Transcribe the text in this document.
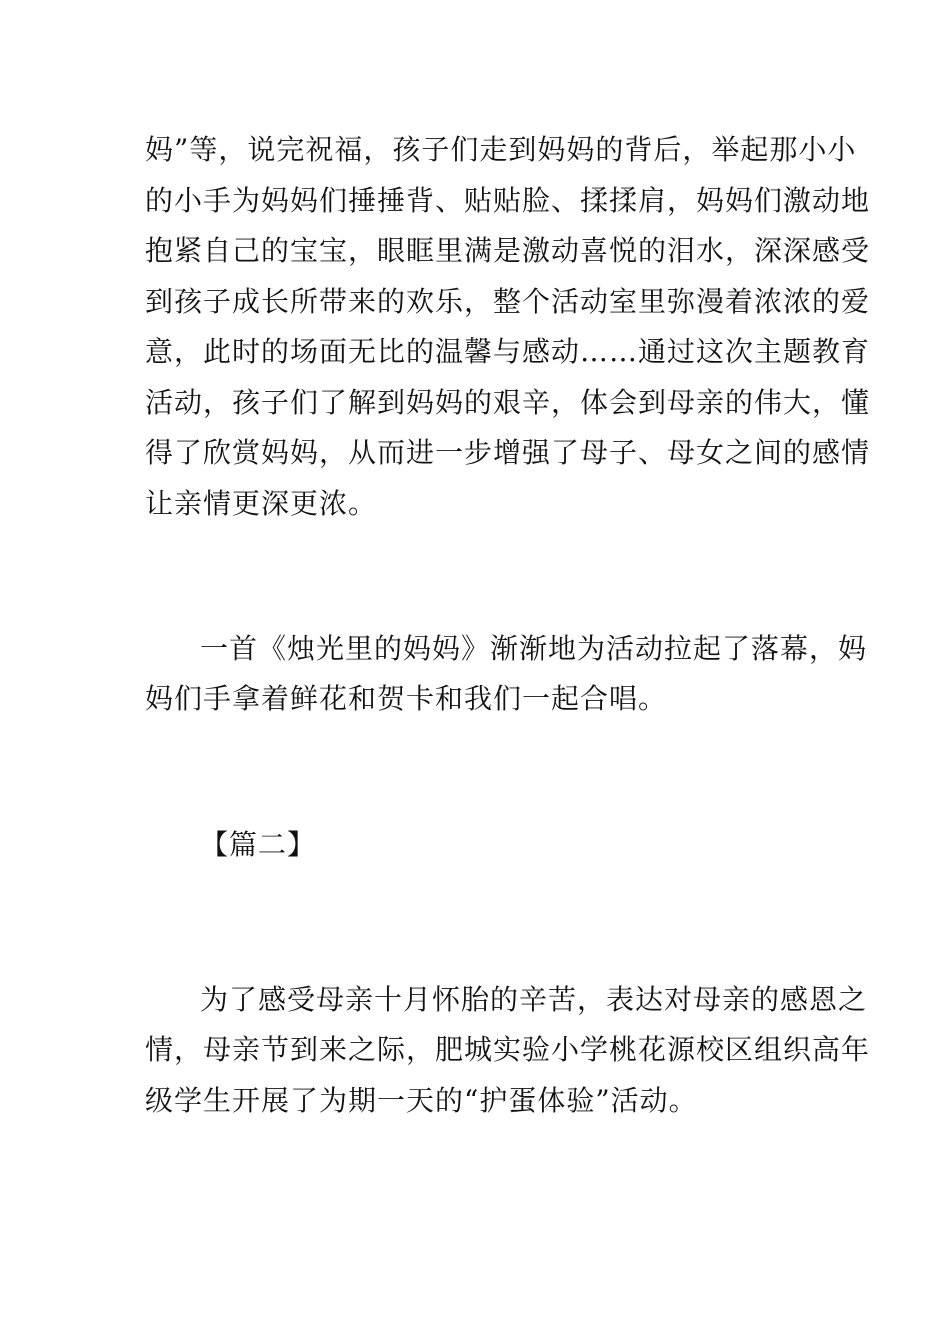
妈”等，说完祝福，孩子们走到妈妈的背后，举起那小小
的小手为妈妈们捶捶背、贴贴脸、揉揉肩，妈妈们激动地
抱紧自己的宝宝，眼眶里满是激动喜悦的泪水，深深感受
到孩子成长所带来的欢乐，整个活动室里弥漫着浓浓的爱
意，此时的场面无比的温馨与感动……通过这次主题教育
活动，孩子们了解到妈妈的艰辛，体会到母亲的伟大，懂
得了欣赏妈妈，从而进一步增强了母子、母女之间的感情
让亲情更深更浓。
一首《烛光里的妈妈》渐渐地为活动拉起了落幕，妈
妈们手拿着鲜花和贺卡和我们一起合唱。
【篇二】
为了感受母亲十月怀胎的辛苦，表达对母亲的感恩之
情，母亲节到来之际，肥城实验小学桃花源校区组织高年
级学生开展了为期一天的“护蛋体验”活动。
